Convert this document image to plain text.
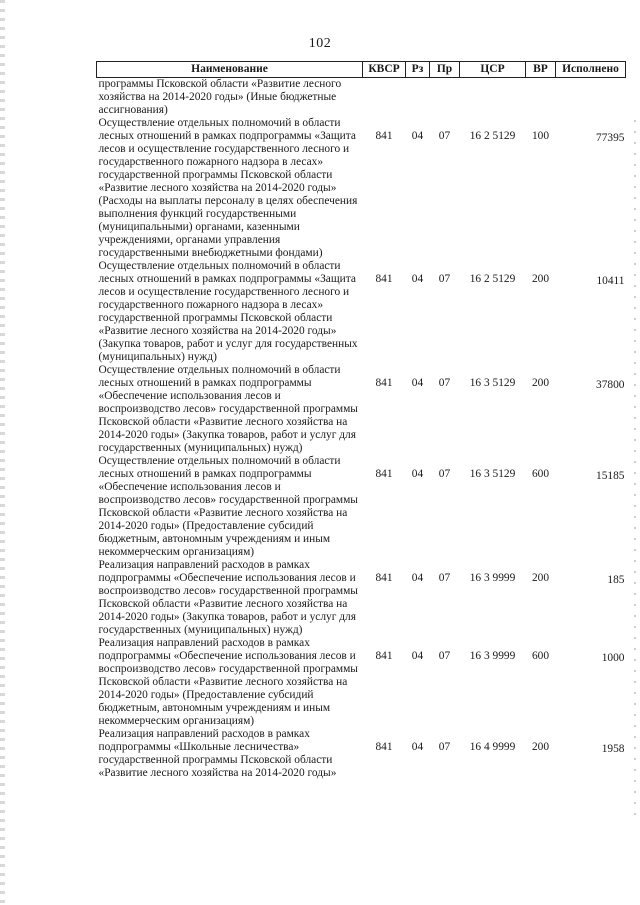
102
Наименование	КВСР	Рз	Пр	ЦСР	ВР	Исполнено
программы Псковской области «Развитие лесного хозяйства на 2014-2020 годы» (Иные бюджетные ассигнования)						
Осуществление отдельных полномочий в области лесных отношений в рамках подпрограммы «Защита лесов и осуществление государственного лесного и государственного пожарного надзора в лесах» государственной программы Псковской области «Развитие лесного хозяйства на 2014-2020 годы» (Расходы на выплаты персоналу в целях обеспечения выполнения функций государственными (муниципальными) органами, казенными учреждениями, органами управления государственными внебюджетными фондами)	841	04	07	16 2 5129	100	77395
Осуществление отдельных полномочий в области лесных отношений в рамках подпрограммы «Защита лесов и осуществление государственного лесного и государственного пожарного надзора в лесах» государственной программы Псковской области «Развитие лесного хозяйства на 2014-2020 годы» (Закупка товаров, работ и услуг для государственных (муниципальных) нужд)	841	04	07	16 2 5129	200	10411
Осуществление отдельных полномочий в области лесных отношений в рамках подпрограммы «Обеспечение использования лесов и воспроизводство лесов» государственной программы Псковской области «Развитие лесного хозяйства на 2014-2020 годы» (Закупка товаров, работ и услуг для государственных (муниципальных) нужд)	841	04	07	16 3 5129	200	37800
Осуществление отдельных полномочий в области лесных отношений в рамках подпрограммы «Обеспечение использования лесов и воспроизводство лесов» государственной программы Псковской области «Развитие лесного хозяйства на 2014-2020 годы» (Предоставление субсидий бюджетным, автономным учреждениям и иным некоммерческим организациям)	841	04	07	16 3 5129	600	15185
Реализация направлений расходов в рамках подпрограммы «Обеспечение использования лесов и воспроизводство лесов» государственной программы Псковской области «Развитие лесного хозяйства на 2014-2020 годы» (Закупка товаров, работ и услуг для государственных (муниципальных) нужд)	841	04	07	16 3 9999	200	185
Реализация направлений расходов в рамках подпрограммы «Обеспечение использования лесов и воспроизводство лесов» государственной программы Псковской области «Развитие лесного хозяйства на 2014-2020 годы» (Предоставление субсидий бюджетным, автономным учреждениям и иным некоммерческим организациям)	841	04	07	16 3 9999	600	1000
Реализация направлений расходов в рамках подпрограммы «Школьные лесничества» государственной программы Псковской области «Развитие лесного хозяйства на 2014-2020 годы»	841	04	07	16 4 9999	200	1958
